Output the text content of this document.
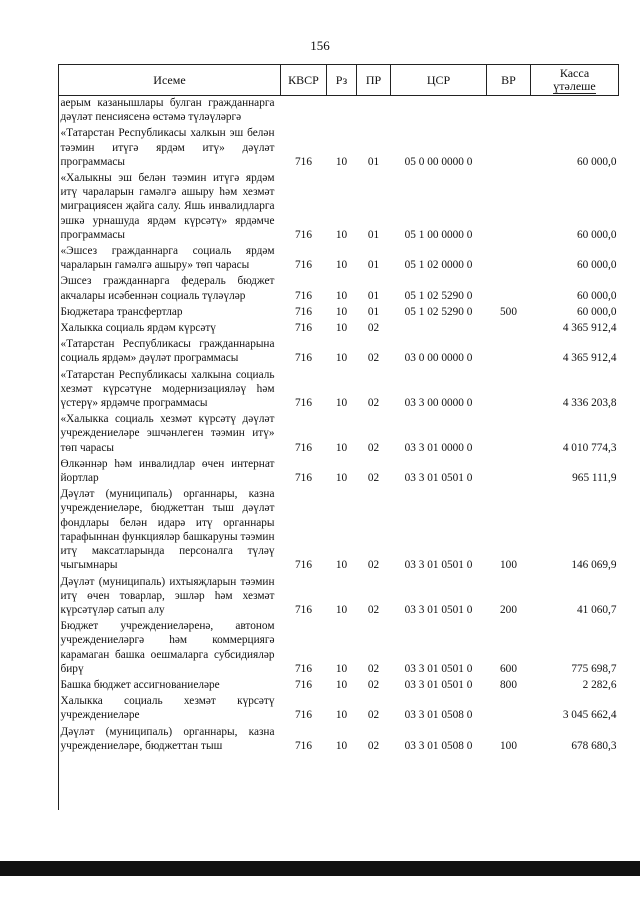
156
Исеме	КВСР	Рз	ПР	ЦСР	ВР	Касса
үтәлеше
аерым казанышлары булган гражданнарга дәүләт пенсиясенә өстәмә түләүләргә						
«Татарстан Республикасы халкын эш белән тәэмин итүгә ярдәм итү» дәүләт программасы	716	10	01	05 0 00 0000 0		60 000,0
«Халыкны эш белән тәэмин итүгә ярдәм итү чараларын гамәлгә ашыру һәм хезмәт миграциясен җайга салу. Яшь инвалидларга эшкә урнашуда ярдәм күрсәтү» ярдәмче программасы	716	10	01	05 1 00 0000 0		60 000,0
«Эшсез гражданнарга социаль ярдәм чараларын гамәлгә ашыру» төп чарасы	716	10	01	05 1 02 0000 0		60 000,0
Эшсез гражданнарга федераль бюджет акчалары исәбеннән социаль түләүләр	716	10	01	05 1 02 5290 0		60 000,0
Бюджетара трансфертлар	716	10	01	05 1 02 5290 0	500	60 000,0
Халыкка социаль ярдәм күрсәтү	716	10	02			4 365 912,4
«Татарстан Республикасы гражданнарына социаль ярдәм» дәүләт программасы	716	10	02	03 0 00 0000 0		4 365 912,4
«Татарстан Республикасы халкына социаль хезмәт күрсәтүне модернизацияләү һәм үстерү» ярдәмче программасы	716	10	02	03 3 00 0000 0		4 336 203,8
«Халыкка социаль хезмәт күрсәтү дәүләт учреждениеләре эшчәнлеген тәэмин итү» төп чарасы	716	10	02	03 3 01 0000 0		4 010 774,3
Өлкәннәр һәм инвалидлар өчен интернат йортлар	716	10	02	03 3 01 0501 0		965 111,9
Дәүләт (муниципаль) органнары, казна учреждениеләре, бюджеттан тыш дәүләт фондлары белән идарә итү органнары тарафыннан функцияләр башкаруны тәэмин итү максатларында персоналга түләү чыгымнары	716	10	02	03 3 01 0501 0	100	146 069,9
Дәүләт (муниципаль) ихтыяҗларын тәэмин итү өчен товарлар, эшләр һәм хезмәт күрсәтүләр сатып алу	716	10	02	03 3 01 0501 0	200	41 060,7
Бюджет учреждениеләренә, автоном учреждениеләргә һәм коммерциягә карамаган башка оешмаларга субсидияләр бирү	716	10	02	03 3 01 0501 0	600	775 698,7
Башка бюджет ассигнованиеләре	716	10	02	03 3 01 0501 0	800	2 282,6
Халыкка социаль хезмәт күрсәтү учреждениеләре	716	10	02	03 3 01 0508 0		3 045 662,4
Дәүләт (муниципаль) органнары, казна учреждениеләре, бюджеттан тыш	716	10	02	03 3 01 0508 0	100	678 680,3
